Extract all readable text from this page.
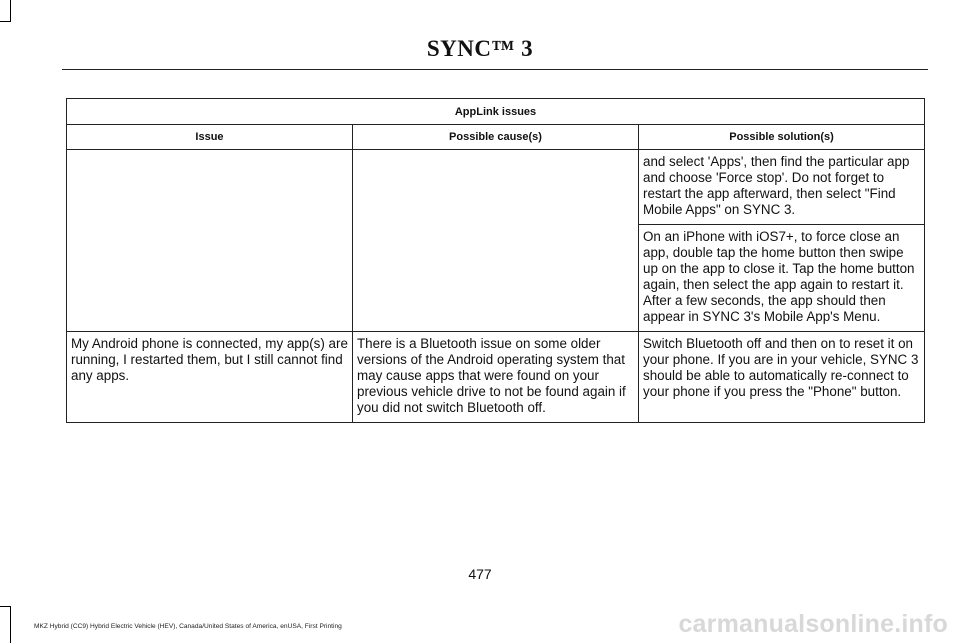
SYNC™ 3
AppLink issues		
Issue	Possible cause(s)	Possible solution(s)
		and select 'Apps', then find the particular app and choose 'Force stop'. Do not forget to restart the app afterward, then select "Find Mobile Apps" on SYNC 3.
		On an iPhone with iOS7+, to force close an app, double tap the home button then swipe up on the app to close it. Tap the home button again, then select the app again to restart it. After a few seconds, the app should then appear in SYNC 3's Mobile App's Menu.
My Android phone is connected, my app(s) are running, I restarted them, but I still cannot find any apps.	There is a Bluetooth issue on some older versions of the Android operating system that may cause apps that were found on your previous vehicle drive to not be found again if you did not switch Bluetooth off.	Switch Bluetooth off and then on to reset it on your phone. If you are in your vehicle, SYNC 3 should be able to automatically re-connect to your phone if you press the "Phone" button.
477
MKZ Hybrid (CC9) Hybrid Electric Vehicle (HEV), Canada/United States of America, enUSA, First Printing	carmanualsonline.info
